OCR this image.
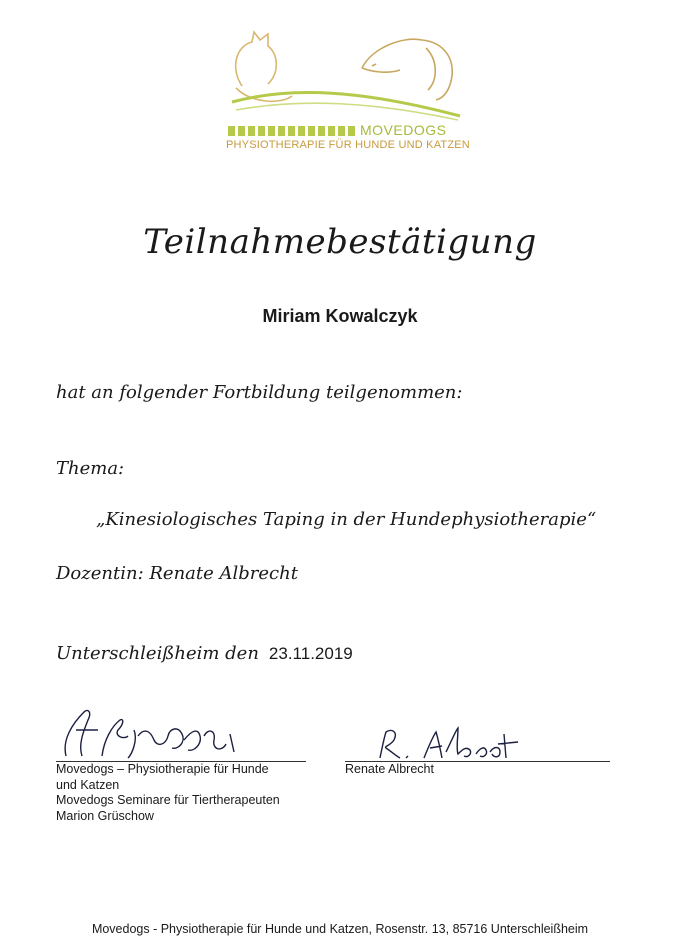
MOVEDOGS
PHYSIOTHERAPIE FÜR HUNDE UND KATZEN
Teilnahmebestätigung
Miriam Kowalczyk
hat an folgender Fortbildung teilgenommen:
Thema:
„Kinesiologisches Taping in der Hundephysiotherapie“
Dozentin: Renate Albrecht
Unterschleißheim den 23.11.2019
Movedogs – Physiotherapie für Hunde
und Katzen
Movedogs Seminare für Tiertherapeuten
Marion Grüschow
Renate Albrecht
Movedogs - Physiotherapie für Hunde und Katzen, Rosenstr. 13, 85716 Unterschleißheim
